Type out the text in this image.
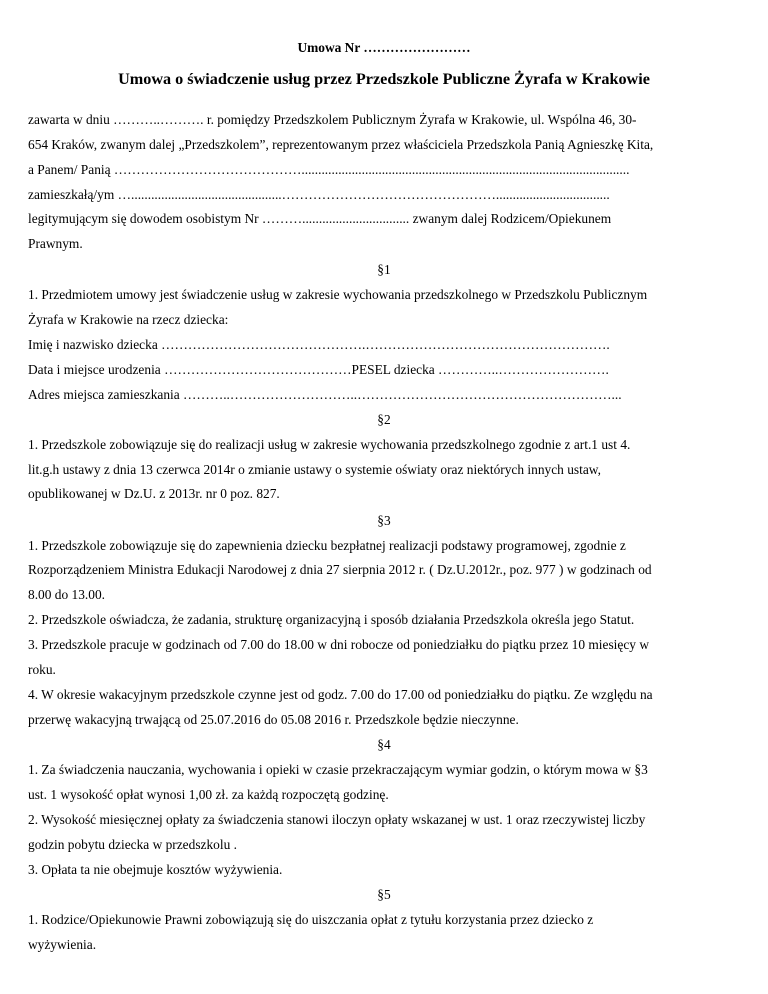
Umowa Nr ……………………
Umowa o świadczenie usług przez Przedszkole Publiczne Żyrafa w Krakowie
zawarta w dniu ………..………. r. pomiędzy Przedszkolem Publicznym Żyrafa w Krakowie, ul. Wspólna 46, 30-
654 Kraków, zwanym dalej „Przedszkolem”, reprezentowanym przez właściciela Przedszkola Panią Agnieszkę Kita,
a Panem/ Panią ……………………………………..................................................................................................
zamieszkałą/ym ….............................................…………………………………………..................................
legitymującym się dowodem osobistym Nr ………................................ zwanym dalej Rodzicem/Opiekunem
Prawnym.
§1
1. Przedmiotem umowy jest świadczenie usług w zakresie wychowania przedszkolnego w Przedszkolu Publicznym
Żyrafa w Krakowie na rzecz dziecka:
Imię i nazwisko dziecka ……………………………………….……………………………………………….
Data i miejsce urodzenia ……………………………………PESEL dziecka …………..…………………….
Adres miejsca zamieszkania ………..………………………..…………………………………………………...
§2
1. Przedszkole zobowiązuje się do realizacji usług w zakresie wychowania przedszkolnego zgodnie z art.1 ust 4.
lit.g.h ustawy z dnia 13 czerwca 2014r o zmianie ustawy o systemie oświaty oraz niektórych innych ustaw,
opublikowanej w Dz.U. z 2013r. nr 0 poz. 827.
§3
1. Przedszkole zobowiązuje się do zapewnienia dziecku bezpłatnej realizacji podstawy programowej, zgodnie z
Rozporządzeniem Ministra Edukacji Narodowej z dnia 27 sierpnia 2012 r. ( Dz.U.2012r., poz. 977 ) w godzinach od
8.00 do 13.00.
2. Przedszkole oświadcza, że zadania, strukturę organizacyjną i sposób działania Przedszkola określa jego Statut.
3. Przedszkole pracuje w godzinach od 7.00 do 18.00 w dni robocze od poniedziałku do piątku przez 10 miesięcy w
roku.
4. W okresie wakacyjnym przedszkole czynne jest od godz. 7.00 do 17.00 od poniedziałku do piątku. Ze względu na
przerwę wakacyjną trwającą od 25.07.2016 do 05.08 2016 r. Przedszkole będzie nieczynne.
§4
1. Za świadczenia nauczania, wychowania i opieki w czasie przekraczającym wymiar godzin, o którym mowa w §3
ust. 1 wysokość opłat wynosi 1,00 zł. za każdą rozpoczętą godzinę.
2. Wysokość miesięcznej opłaty za świadczenia stanowi iloczyn opłaty wskazanej w ust. 1 oraz rzeczywistej liczby
godzin pobytu dziecka w przedszkolu .
3. Opłata ta nie obejmuje kosztów wyżywienia.
§5
1. Rodzice/Opiekunowie Prawni zobowiązują się do uiszczania opłat z tytułu korzystania przez dziecko z
wyżywienia.
